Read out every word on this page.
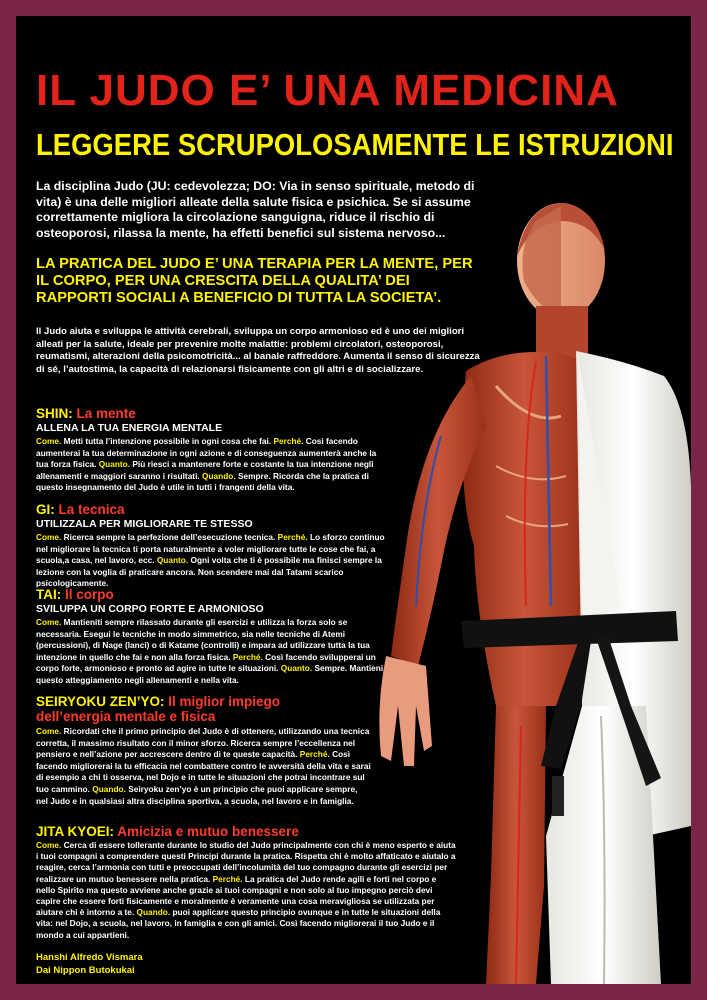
IL JUDO E’ UNA MEDICINA
LEGGERE SCRUPOLOSAMENTE LE ISTRUZIONI
La disciplina Judo (JU: cedevolezza; DO: Via in senso spirituale, metodo di vita) è una delle migliori alleate della salute fisica e psichica. Se si assume correttamente migliora la circolazione sanguigna, riduce il rischio di osteoporosi, rilassa la mente, ha effetti benefici sul sistema nervoso...
LA PRATICA DEL JUDO E’ UNA TERAPIA PER LA MENTE, PER IL CORPO, PER UNA CRESCITA DELLA QUALITA’ DEI RAPPORTI SOCIALI A BENEFICIO DI TUTTA LA SOCIETA’.
Il Judo aiuta e sviluppa le attività cerebrali, sviluppa un corpo armonioso ed è uno dei migliori alleati per la salute, ideale per prevenire molte malattie: problemi circolatori, osteoporosi, reumatismi, alterazioni della psicomotricità... al banale raffreddore. Aumenta il senso di sicurezza di sé, l’autostima, la capacità di relazionarsi fisicamente con gli altri e di socializzare.
SHIN: La mente
ALLENA LA TUA ENERGIA MENTALE
Come. Metti tutta l’intenzione possibile in ogni cosa che fai. Perché. Così facendo aumenterai la tua determinazione in ogni azione e di conseguenza aumenterà anche la tua forza fisica. Quanto. Più riesci a mantenere forte e costante la tua intenzione negli allenamenti e maggiori saranno i risultati. Quando. Sempre. Ricorda che la pratica di questo insegnamento del Judo è utile in tutti i frangenti della vita.
GI: La tecnica
UTILIZZALA PER MIGLIORARE TE STESSO
Come. Ricerca sempre la perfezione dell’esecuzione tecnica. Perché. Lo sforzo continuo nel migliorare la tecnica ti porta naturalmente a voler migliorare tutte le cose che fai, a scuola,a casa, nel lavoro, ecc. Quanto. Ogni volta che ti è possibile ma finisci sempre la lezione con la voglia di praticare ancora. Non scendere mai dal Tatami scarico psicologicamente.
TAI: Il corpo
SVILUPPA UN CORPO FORTE E ARMONIOSO
Come. Mantieniti sempre rilassato durante gli esercizi e utilizza la forza solo se necessaria. Esegui le tecniche in modo simmetrico, sia nelle tecniche di Atemi (percussioni), di Nage (lanci) o di Katame (controlli) e impara ad utilizzare tutta la tua intenzione in quello che fai e non alla forza fisica. Perché. Così facendo svilupperai un corpo forte, armonioso e pronto ad agire in tutte le situazioni. Quanto. Sempre. Mantieni questo atteggiamento negli allenamenti e nella vita.
SEIRYOKU ZEN’YO: Il miglior impiego dell’energia mentale e fisica
Come. Ricordati che il primo principio del Judo è di ottenere, utilizzando una tecnica corretta, il massimo risultato con il minor sforzo. Ricerca sempre l’eccellenza nel pensiero e nell’azione per accrescere dentro di te queste capacità. Perché. Così facendo migliorerai la tu efficacia nel combattere contro le avversità della vita e sarai di esempio a chi ti osserva, nel Dojo e in tutte le situazioni che potrai incontrare sul tuo cammino. Quando. Seiryoku zen’yo è un principio che puoi applicare sempre, nel Judo e in qualsiasi altra disciplina sportiva, a scuola, nel lavoro e in famiglia.
JITA KYOEI: Amicizia e mutuo benessere
Come. Cerca di essere tollerante durante lo studio del Judo principalmente con chi è meno esperto e aiuta i tuoi compagni a comprendere questi Principi durante la pratica. Rispetta chi è molto affaticato e aiutalo a reagire, cerca l’armonia con tutti e preoccupati dell’incolumità del tuo compagno durante gli esercizi per realizzare un mutuo benessere nella pratica. Perché. La pratica del Judo rende agili e forti nel corpo e nello Spirito ma questo avviene anche grazie ai tuoi compagni e non solo al tuo impegno perciò devi capire che essere forti fisicamente e moralmente è veramente una cosa meravigliosa se utilizzata per aiutare chi è intorno a te. Quando. puoi applicare questo principio ovunque e in tutte le situazioni della vita: nel Dojo, a scuola, nel lavoro, in famiglia e con gli amici. Così facendo migliorerai il tuo Judo e il mondo a cui appartieni.
Hanshi Alfredo Vismara
Dai Nippon Butokukai
